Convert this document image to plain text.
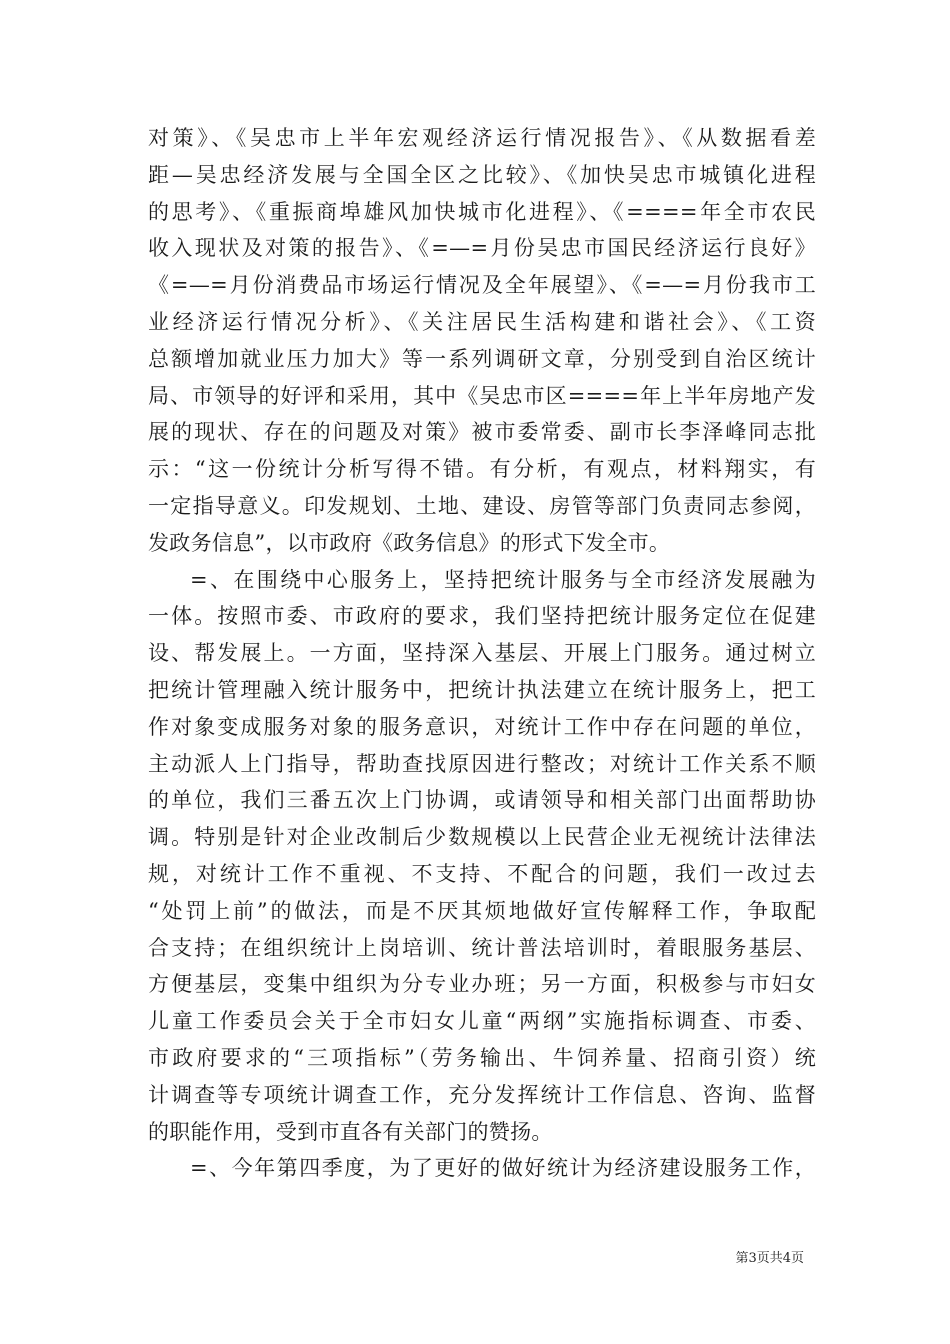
对策》、《吴忠市上半年宏观经济运行情况报告》、《从数据看差
距—吴忠经济发展与全国全区之比较》、《加快吴忠市城镇化进程
的思考》、《重振商埠雄风加快城市化进程》、《====年全市农民
收入现状及对策的报告》、《=—=月份吴忠市国民经济运行良好》
《=—=月份消费品市场运行情况及全年展望》、《=—=月份我市工
业经济运行情况分析》、《关注居民生活构建和谐社会》、《工资
总额增加就业压力加大》等一系列调研文章，分别受到自治区统计
局、市领导的好评和采用，其中《吴忠市区====年上半年房地产发
展的现状、存在的问题及对策》被市委常委、副市长李泽峰同志批
示：“这一份统计分析写得不错。有分析，有观点，材料翔实，有
一定指导意义。印发规划、土地、建设、房管等部门负责同志参阅，
发政务信息”，以市政府《政务信息》的形式下发全市。
=、在围绕中心服务上，坚持把统计服务与全市经济发展融为
一体。按照市委、市政府的要求，我们坚持把统计服务定位在促建
设、帮发展上。一方面，坚持深入基层、开展上门服务。通过树立
把统计管理融入统计服务中，把统计执法建立在统计服务上，把工
作对象变成服务对象的服务意识，对统计工作中存在问题的单位，
主动派人上门指导，帮助查找原因进行整改；对统计工作关系不顺
的单位，我们三番五次上门协调，或请领导和相关部门出面帮助协
调。特别是针对企业改制后少数规模以上民营企业无视统计法律法
规，对统计工作不重视、不支持、不配合的问题，我们一改过去
“处罚上前”的做法，而是不厌其烦地做好宣传解释工作，争取配
合支持；在组织统计上岗培训、统计普法培训时，着眼服务基层、
方便基层，变集中组织为分专业办班；另一方面，积极参与市妇女
儿童工作委员会关于全市妇女儿童“两纲”实施指标调查、市委、
市政府要求的“三项指标”（劳务输出、牛饲养量、招商引资）统
计调查等专项统计调查工作，充分发挥统计工作信息、咨询、监督
的职能作用，受到市直各有关部门的赞扬。
=、今年第四季度，为了更好的做好统计为经济建设服务工作，
第3页共4页
